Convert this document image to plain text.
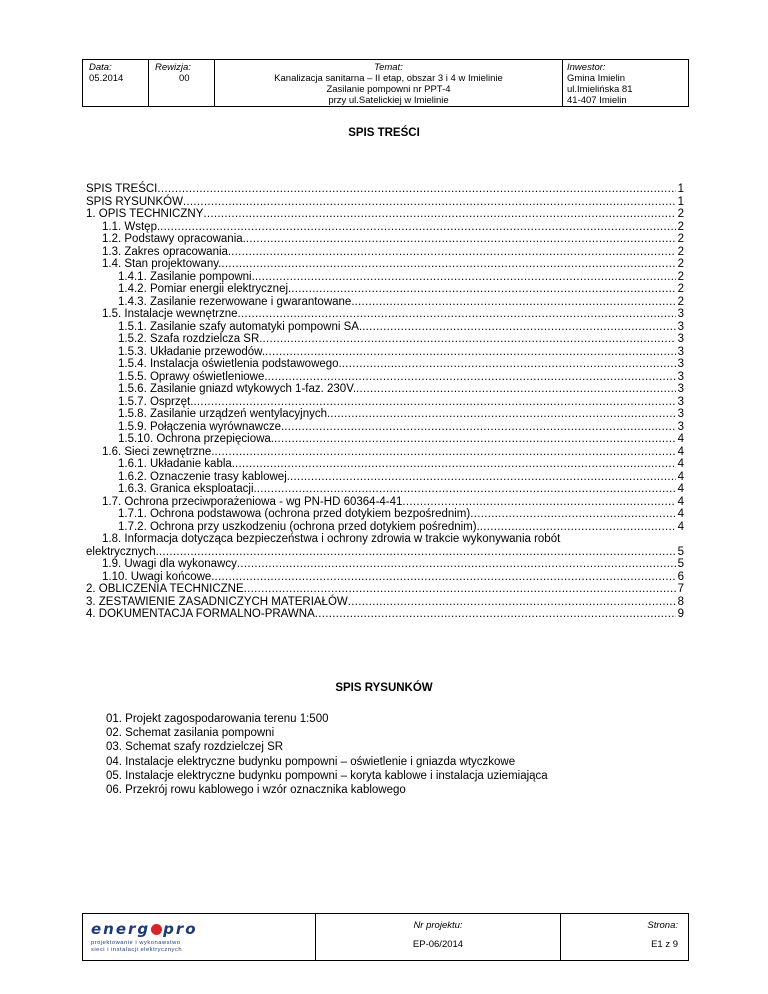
Data:
05.2014
Rewizja:
00
Temat:
Kanalizacja sanitarna – II etap, obszar 3 i 4 w Imielinie
Zasilanie pompowni nr PPT-4
przy ul.Satelickiej w Imielinie
Inwestor:
Gmina Imielin
ul.Imielińska 81
41-407 Imielin
SPIS TREŚCI
SPIS TREŚCI .....	1
SPIS RYSUNKÓW .....	1
1. OPIS TECHNICZNY .....	2
1.1. Wstęp. .....	2
1.2. Podstawy opracowania. .....	2
1.3. Zakres opracowania. .....	2
1.4. Stan projektowany. .....	2
1.4.1. Zasilanie pompowni. .....	2
1.4.2. Pomiar energii elektrycznej. .....	2
1.4.3. Zasilanie rezerwowane i gwarantowane. .....	2
1.5. Instalacje wewnętrzne .....	3
1.5.1. Zasilanie szafy automatyki pompowni SA. .....	3
1.5.2. Szafa rozdzielcza SR. .....	3
1.5.3. Układanie przewodów. .....	3
1.5.4. Instalacja oświetlenia podstawowego. .....	3
1.5.5. Oprawy oświetleniowe. .....	3
1.5.6. Zasilanie gniazd wtykowych 1-faz. 230V. .....	3
1.5.7. Osprzęt. .....	3
1.5.8. Zasilanie urządzeń wentylacyjnych. .....	3
1.5.9. Połączenia wyrównawcze. .....	3
1.5.10. Ochrona przepięciowa. .....	4
1.6. Sieci zewnętrzne. .....	4
1.6.1. Układanie kabla. .....	4
1.6.2. Oznaczenie trasy kablowej. .....	4
1.6.3. Granica eksploatacji. .....	4
1.7. Ochrona przeciwporażeniowa - wg PN-HD 60364-4-41 .....	4
1.7.1. Ochrona podstawowa (ochrona przed dotykiem bezpośrednim) .....	4
1.7.2. Ochrona przy uszkodzeniu (ochrona przed dotykiem pośrednim). .....	4
1.8. Informacja dotycząca bezpieczeństwa i ochrony zdrowia w trakcie wykonywania robót
elektrycznych. .....	5
1.9. Uwagi dla wykonawcy .....	5
1.10. Uwagi końcowe. .....	6
2. OBLICZENIA TECHNICZNE .....	7
3. ZESTAWIENIE ZASADNICZYCH MATERIAŁÓW .....	8
4. DOKUMENTACJA FORMALNO-PRAWNA .....	9
SPIS RYSUNKÓW
01. Projekt zagospodarowania terenu 1:500
02. Schemat zasilania pompowni
03. Schemat szafy rozdzielczej SR
04. Instalacje elektryczne budynku pompowni – oświetlenie i gniazda wtyczkowe
05. Instalacje elektryczne budynku pompowni – koryta kablowe i instalacja uziemiająca
06. Przekrój rowu kablowego i wzór oznacznika kablowego
energ pro
projektowanie i wykonawstwo
sieci i instalacji elektrycznych
Nr projektu:
EP-06/2014
Strona:
E1 z 9
